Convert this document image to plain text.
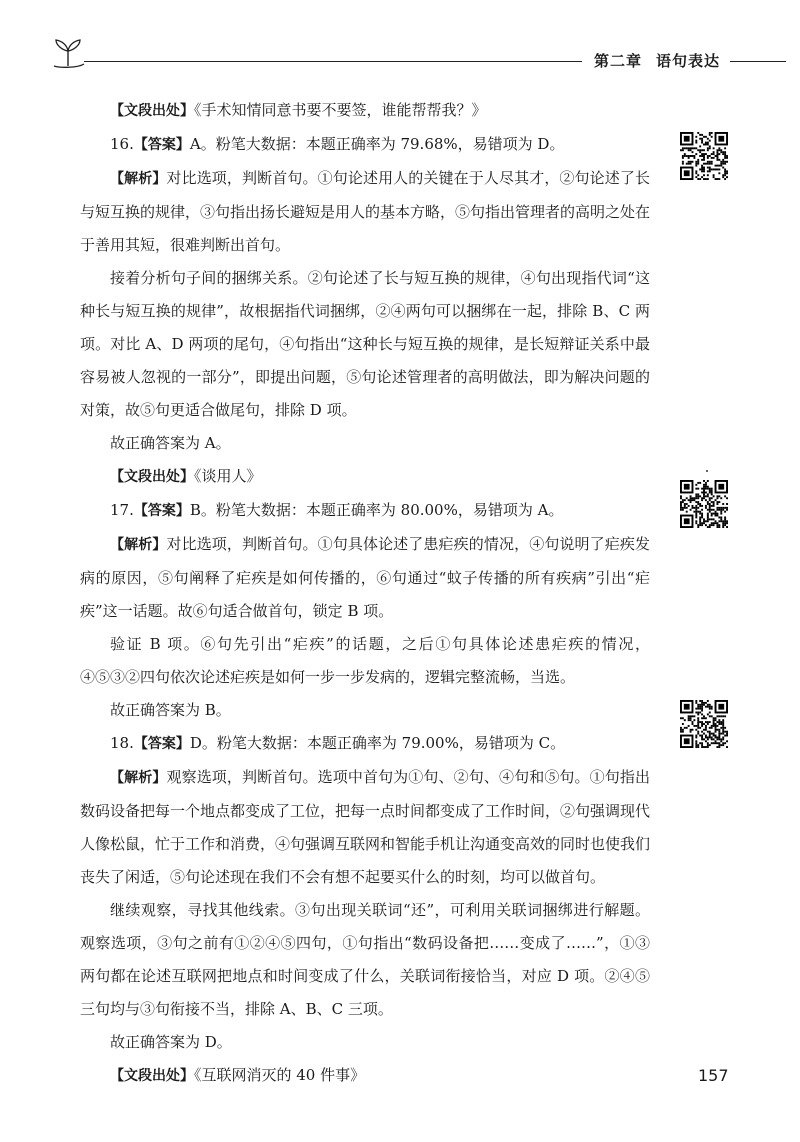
第二章 语句表达

【文段出处】《手术知情同意书要不要签，谁能帮帮我？》

16.【答案】A。粉笔大数据：本题正确率为 79.68%，易错项为 D。

【解析】对比选项，判断首句。①句论述用人的关键在于人尽其才，②句论述了长与短互换的规律，③句指出扬长避短是用人的基本方略，⑤句指出管理者的高明之处在于善用其短，很难判断出首句。

接着分析句子间的捆绑关系。②句论述了长与短互换的规律，④句出现指代词“这种长与短互换的规律”，故根据指代词捆绑，②④两句可以捆绑在一起，排除 B、C 两项。对比 A、D 两项的尾句，④句指出“这种长与短互换的规律，是长短辩证关系中最容易被人忽视的一部分”，即提出问题，⑤句论述管理者的高明做法，即为解决问题的对策，故⑤句更适合做尾句，排除 D 项。

故正确答案为 A。

【文段出处】《谈用人》

17.【答案】B。粉笔大数据：本题正确率为 80.00%，易错项为 A。

【解析】对比选项，判断首句。①句具体论述了患疟疾的情况，④句说明了疟疾发病的原因，⑤句阐释了疟疾是如何传播的，⑥句通过“蚊子传播的所有疾病”引出“疟疾”这一话题。故⑥句适合做首句，锁定 B 项。

验证 B 项。⑥句先引出“疟疾”的话题，之后①句具体论述患疟疾的情况，④⑤③②四句依次论述疟疾是如何一步一步发病的，逻辑完整流畅，当选。

故正确答案为 B。

18.【答案】D。粉笔大数据：本题正确率为 79.00%，易错项为 C。

【解析】观察选项，判断首句。选项中首句为①句、②句、④句和⑤句。①句指出数码设备把每一个地点都变成了工位，把每一点时间都变成了工作时间，②句强调现代人像松鼠，忙于工作和消费，④句强调互联网和智能手机让沟通变高效的同时也使我们丧失了闲适，⑤句论述现在我们不会有想不起要买什么的时刻，均可以做首句。

继续观察，寻找其他线索。③句出现关联词“还”，可利用关联词捆绑进行解题。观察选项，③句之前有①②④⑤四句，①句指出“数码设备把……变成了……”，①③两句都在论述互联网把地点和时间变成了什么，关联词衔接恰当，对应 D 项。②④⑤三句均与③句衔接不当，排除 A、B、C 三项。

故正确答案为 D。

【文段出处】《互联网消灭的 40 件事》	157
